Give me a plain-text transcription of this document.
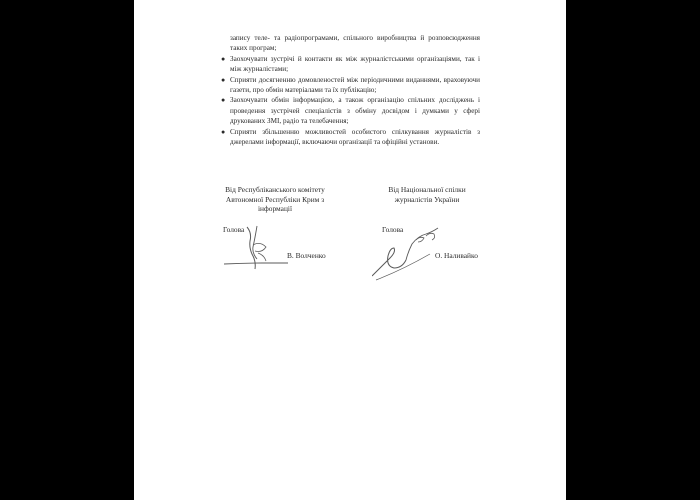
запису теле- та радіопрограмами, спільного виробництва й розповсюдження таких програм;
● Заохочувати зустрічі й контакти як між журналістськими організаціями, так і між журналістами;
● Сприяти досягненню домовленостей між періодичними виданнями, враховуючи газети, про обмін матеріалами та їх публікацію;
● Заохочувати обмін інформацією, а також організацію спільних досліджень і проведення зустрічей спеціалістів з обміну досвідом і думками у сфері друкованих ЗМІ, радіо та телебачення;
● Сприяти збільшенню можливостей особистого спілкування журналістів з джерелами інформації, включаючи організації та офіційні установи.
Від Республіканського комітету Автономної Республіки Крим з інформації
Від Національної спілки журналістів України
Голова	Голова
В. Волченко	О. Наливайко
